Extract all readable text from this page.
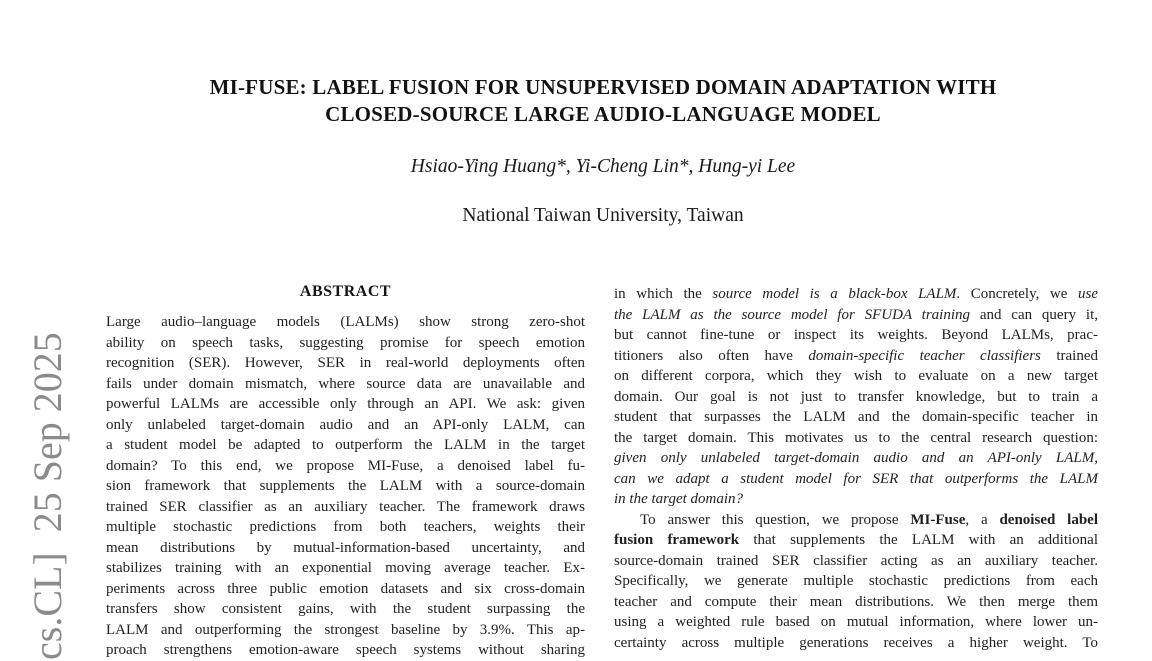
cs.CL]  25 Sep 2025
MI-FUSE: LABEL FUSION FOR UNSUPERVISED DOMAIN ADAPTATION WITH
CLOSED-SOURCE LARGE AUDIO-LANGUAGE MODEL
Hsiao-Ying Huang*, Yi-Cheng Lin*, Hung-yi Lee
National Taiwan University, Taiwan
ABSTRACT
Large audio–language models (LALMs) show strong zero-shot
ability on speech tasks, suggesting promise for speech emotion
recognition (SER). However, SER in real-world deployments often
fails under domain mismatch, where source data are unavailable and
powerful LALMs are accessible only through an API. We ask: given
only unlabeled target-domain audio and an API-only LALM, can
a student model be adapted to outperform the LALM in the target
domain? To this end, we propose MI-Fuse, a denoised label fu-
sion framework that supplements the LALM with a source-domain
trained SER classifier as an auxiliary teacher. The framework draws
multiple stochastic predictions from both teachers, weights their
mean distributions by mutual-information-based uncertainty, and
stabilizes training with an exponential moving average teacher. Ex-
periments across three public emotion datasets and six cross-domain
transfers show consistent gains, with the student surpassing the
LALM and outperforming the strongest baseline by 3.9%. This ap-
proach strengthens emotion-aware speech systems without sharing
in which the source model is a black-box LALM. Concretely, we use
the LALM as the source model for SFUDA training and can query it,
but cannot fine-tune or inspect its weights. Beyond LALMs, prac-
titioners also often have domain-specific teacher classifiers trained
on different corpora, which they wish to evaluate on a new target
domain. Our goal is not just to transfer knowledge, but to train a
student that surpasses the LALM and the domain-specific teacher in
the target domain. This motivates us to the central research question:
given only unlabeled target-domain audio and an API-only LALM,
can we adapt a student model for SER that outperforms the LALM
in the target domain?
To answer this question, we propose MI-Fuse, a denoised label
fusion framework that supplements the LALM with an additional
source-domain trained SER classifier acting as an auxiliary teacher.
Specifically, we generate multiple stochastic predictions from each
teacher and compute their mean distributions. We then merge them
using a weighted rule based on mutual information, where lower un-
certainty across multiple generations receives a higher weight. To
